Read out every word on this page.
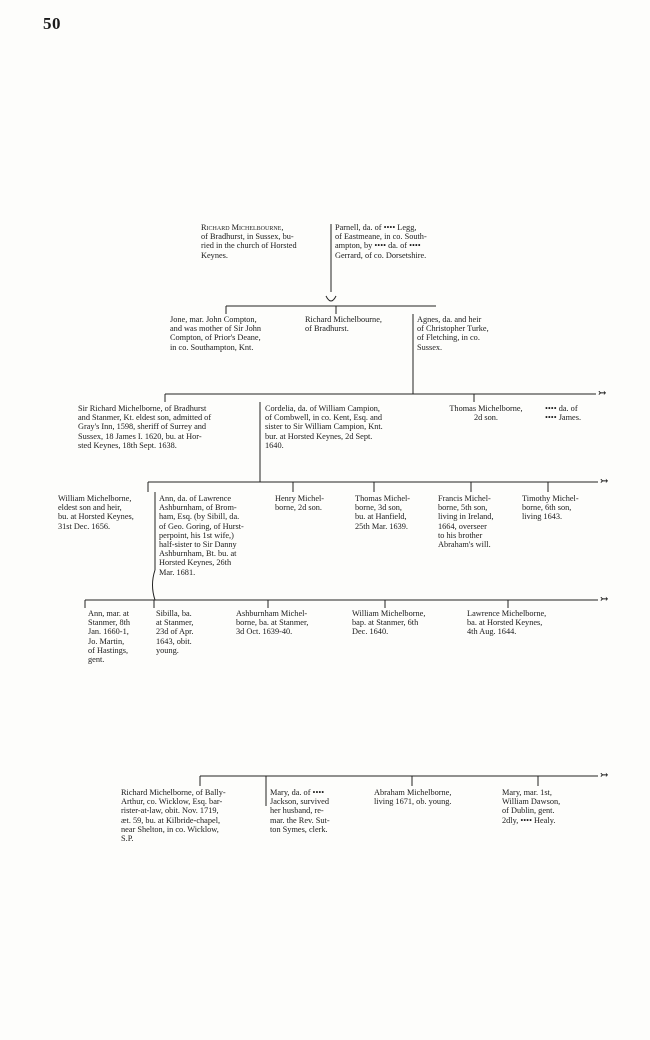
50
↣
↣
↣
↣
Richard Michelbourne,
of Bradhurst, in Sussex, bu-
ried in the church of Horsted
Keynes.
Parnell, da. of •••• Legg,
of Eastmeane, in co. South-
ampton, by •••• da. of ••••
Gerrard, of co. Dorsetshire.
Jone, mar. John Compton,
and was mother of Sir John
Compton, of Prior's Deane,
in co. Southampton, Knt.
Richard Michelbourne,
of Bradhurst.
Agnes, da. and heir
of Christopher Turke,
of Fletching, in co.
Sussex.
Sir Richard Michelborne, of Bradhurst
and Stanmer, Kt. eldest son, admitted of
Gray's Inn, 1598, sheriff of Surrey and
Sussex, 18 James I. 1620, bu. at Hor-
sted Keynes, 18th Sept. 1638.
Cordelia, da. of William Campion,
of Combwell, in co. Kent, Esq. and
sister to Sir William Campion, Knt.
bur. at Horsted Keynes, 2d Sept.
1640.
Thomas Michelborne,
2d son.
•••• da. of
•••• James.
William Michelborne,
eldest son and heir,
bu. at Horsted Keynes,
31st Dec. 1656.
Ann, da. of Lawrence
Ashburnham, of Brom-
ham, Esq. (by Sibill, da.
of Geo. Goring, of Hurst-
perpoint, his 1st wife,)
half-sister to Sir Danny
Ashburnham, Bt. bu. at
Horsted Keynes, 26th
Mar. 1681.
Henry Michel-
borne, 2d son.
Thomas Michel-
borne, 3d son,
bu. at Hanfield,
25th Mar. 1639.
Francis Michel-
borne, 5th son,
living in Ireland,
1664, overseer
to his brother
Abraham's will.
Timothy Michel-
borne, 6th son,
living 1643.
Ann, mar. at
Stanmer, 8th
Jan. 1660-1,
Jo. Martin,
of Hastings,
gent.
Sibilla, ba.
at Stanmer,
23d of Apr.
1643, obit.
young.
Ashburnham Michel-
borne, ba. at Stanmer,
3d Oct. 1639-40.
William Michelborne,
bap. at Stanmer, 6th
Dec. 1640.
Lawrence Michelborne,
ba. at Horsted Keynes,
4th Aug. 1644.
Richard Michelborne, of Bally-
Arthur, co. Wicklow, Esq. bar-
rister-at-law, obit. Nov. 1719,
æt. 59, bu. at Kilbride-chapel,
near Shelton, in co. Wicklow,
S.P.
Mary, da. of ••••
Jackson, survived
her husband, re-
mar. the Rev. Sut-
ton Symes, clerk.
Abraham Michelborne,
living 1671, ob. young.
Mary, mar. 1st,
William Dawson,
of Dublin, gent.
2dly, •••• Healy.
